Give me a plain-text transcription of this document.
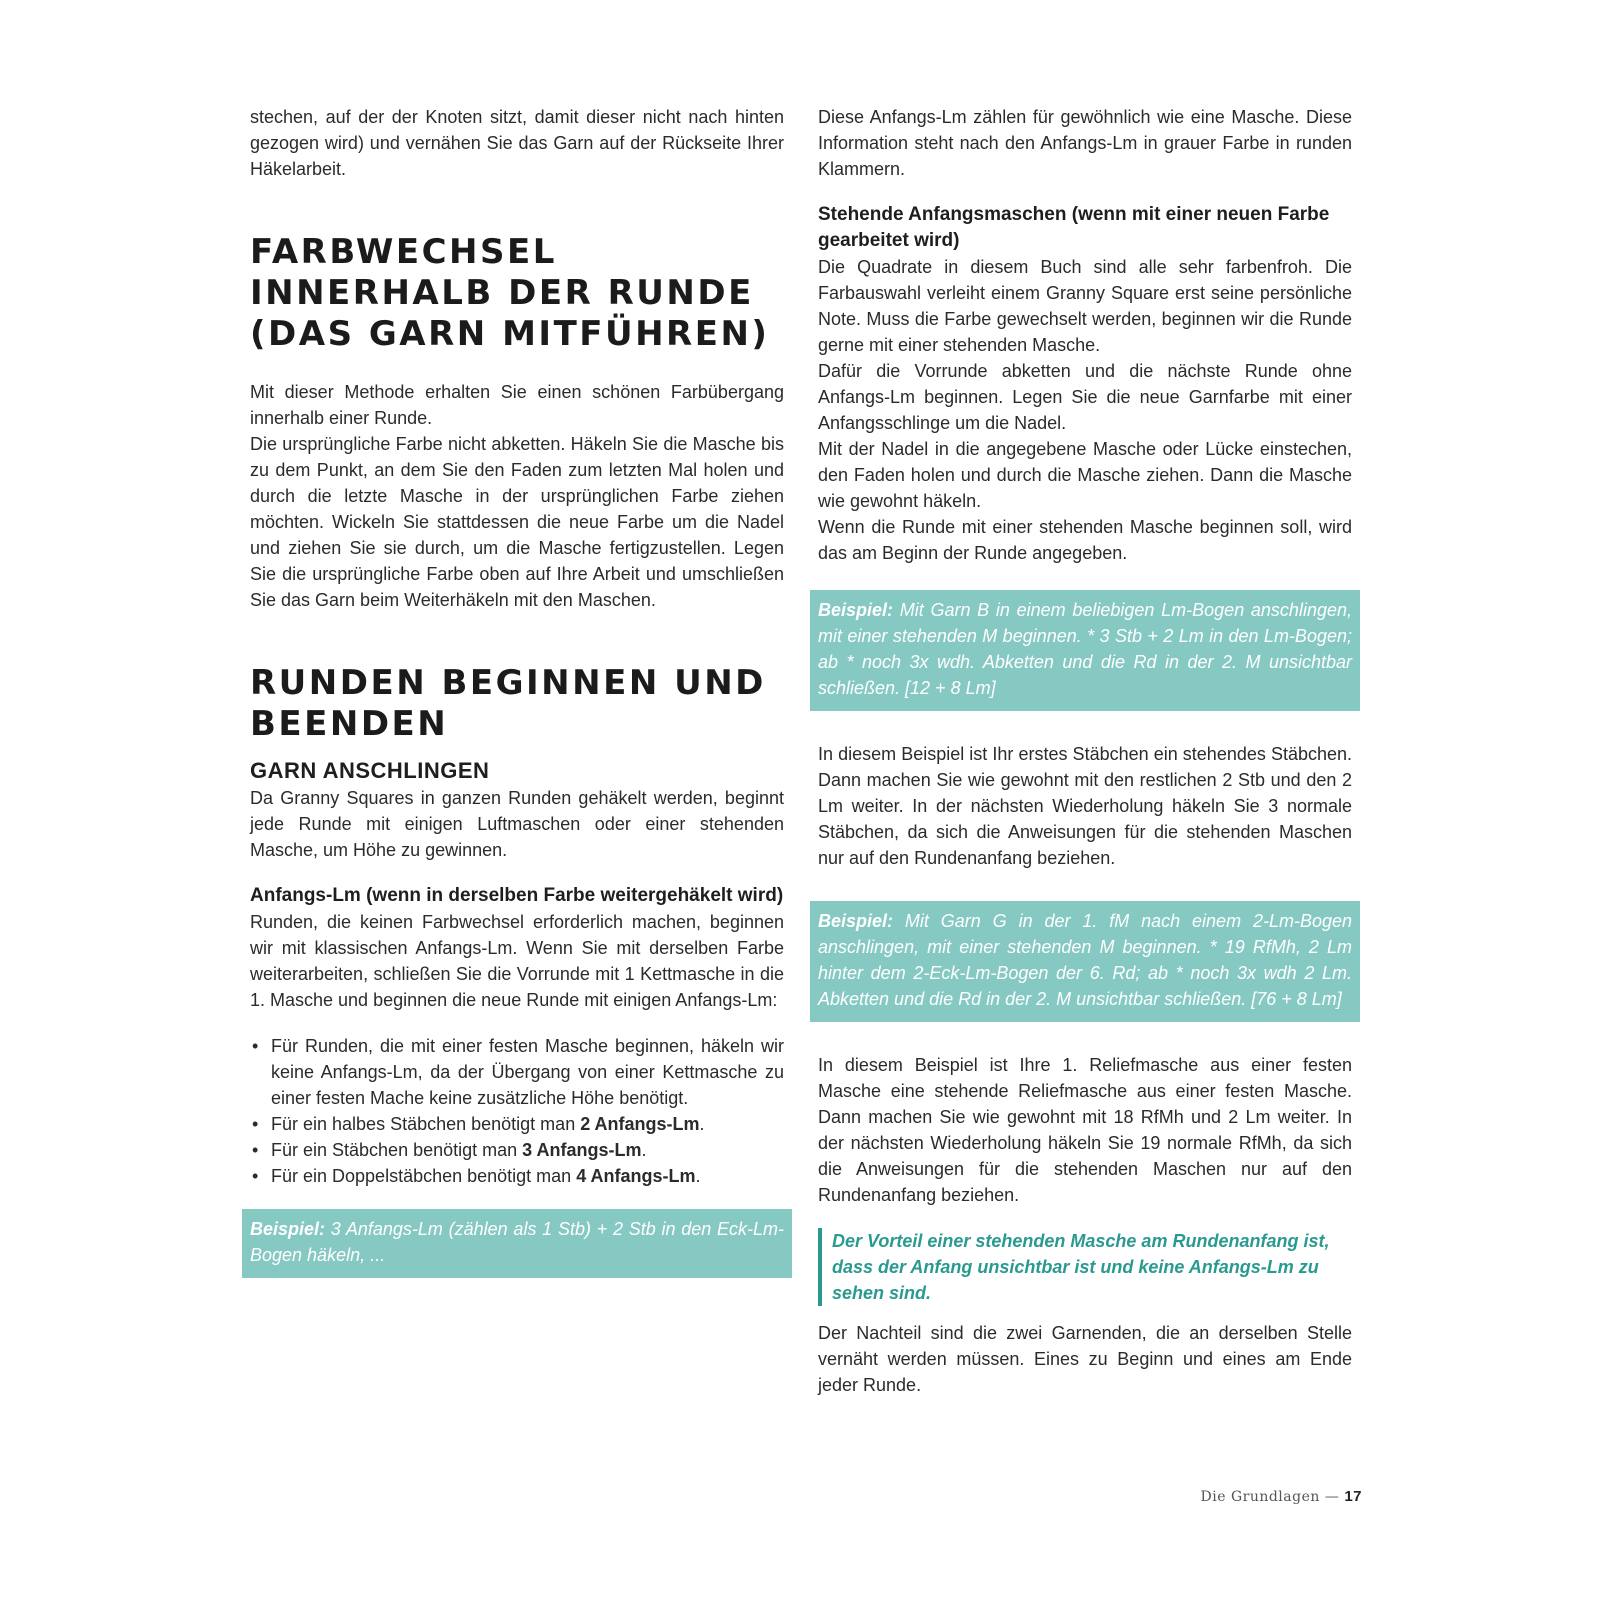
stechen, auf der der Knoten sitzt, damit dieser nicht nach hinten gezogen wird) und vernähen Sie das Garn auf der Rückseite Ihrer Häkelarbeit.

FARBWECHSEL INNERHALB DER RUNDE (DAS GARN MITFÜHREN)

Mit dieser Methode erhalten Sie einen schönen Farbübergang innerhalb einer Runde.

Die ursprüngliche Farbe nicht abketten. Häkeln Sie die Masche bis zu dem Punkt, an dem Sie den Faden zum letzten Mal holen und durch die letzte Masche in der ursprünglichen Farbe ziehen möchten. Wickeln Sie stattdessen die neue Farbe um die Nadel und ziehen Sie sie durch, um die Masche fertigzustellen. Legen Sie die ursprüngliche Farbe oben auf Ihre Arbeit und umschließen Sie das Garn beim Weiterhäkeln mit den Maschen.

RUNDEN BEGINNEN UND BEENDEN
GARN ANSCHLINGEN

Da Granny Squares in ganzen Runden gehäkelt werden, beginnt jede Runde mit einigen Luftmaschen oder einer stehenden Masche, um Höhe zu gewinnen.

Anfangs-Lm (wenn in derselben Farbe weitergehäkelt wird)

Runden, die keinen Farbwechsel erforderlich machen, beginnen wir mit klassischen Anfangs-Lm. Wenn Sie mit derselben Farbe weiterarbeiten, schließen Sie die Vorrunde mit 1 Kettmasche in die 1. Masche und beginnen die neue Runde mit einigen Anfangs-Lm:

• Für Runden, die mit einer festen Masche beginnen, häkeln wir keine Anfangs-Lm, da der Übergang von einer Kettmasche zu einer festen Mache keine zusätzliche Höhe benötigt.
• Für ein halbes Stäbchen benötigt man 2 Anfangs-Lm.
• Für ein Stäbchen benötigt man 3 Anfangs-Lm.
• Für ein Doppelstäbchen benötigt man 4 Anfangs-Lm.
Beispiel: 3 Anfangs-Lm (zählen als 1 Stb) + 2 Stb in den Eck-Lm-Bogen häkeln, ...

Diese Anfangs-Lm zählen für gewöhnlich wie eine Masche. Diese Information steht nach den Anfangs-Lm in grauer Farbe in runden Klammern.

Stehende Anfangsmaschen (wenn mit einer neuen Farbe gearbeitet wird)

Die Quadrate in diesem Buch sind alle sehr farbenfroh. Die Farbauswahl verleiht einem Granny Square erst seine persönliche Note. Muss die Farbe gewechselt werden, beginnen wir die Runde gerne mit einer stehenden Masche.

Dafür die Vorrunde abketten und die nächste Runde ohne Anfangs-Lm beginnen. Legen Sie die neue Garnfarbe mit einer Anfangsschlinge um die Nadel.

Mit der Nadel in die angegebene Masche oder Lücke einstechen, den Faden holen und durch die Masche ziehen. Dann die Masche wie gewohnt häkeln.

Wenn die Runde mit einer stehenden Masche beginnen soll, wird das am Beginn der Runde angegeben.

Beispiel: Mit Garn B in einem beliebigen Lm-Bogen anschlingen, mit einer stehenden M beginnen. * 3 Stb + 2 Lm in den Lm-Bogen; ab * noch 3x wdh. Abketten und die Rd in der 2. M unsichtbar schließen. [12 + 8 Lm]

In diesem Beispiel ist Ihr erstes Stäbchen ein stehendes Stäbchen. Dann machen Sie wie gewohnt mit den restlichen 2 Stb und den 2 Lm weiter. In der nächsten Wiederholung häkeln Sie 3 normale Stäbchen, da sich die Anweisungen für die stehenden Maschen nur auf den Rundenanfang beziehen.

Beispiel: Mit Garn G in der 1. fM nach einem 2-Lm-Bogen anschlingen, mit einer stehenden M beginnen. * 19 RfMh, 2 Lm hinter dem 2-Eck-Lm-Bogen der 6. Rd; ab * noch 3x wdh 2 Lm. Abketten und die Rd in der 2. M unsichtbar schließen. [76 + 8 Lm]

In diesem Beispiel ist Ihre 1. Reliefmasche aus einer festen Masche eine stehende Reliefmasche aus einer festen Masche. Dann machen Sie wie gewohnt mit 18 RfMh und 2 Lm weiter. In der nächsten Wiederholung häkeln Sie 19 normale RfMh, da sich die Anweisungen für die stehenden Maschen nur auf den Rundenanfang beziehen.

Der Vorteil einer stehenden Masche am Rundenanfang ist, dass der Anfang unsichtbar ist und keine Anfangs-Lm zu sehen sind.

Der Nachteil sind die zwei Garnenden, die an derselben Stelle vernäht werden müssen. Eines zu Beginn und eines am Ende jeder Runde.

Die Grundlagen — 17
